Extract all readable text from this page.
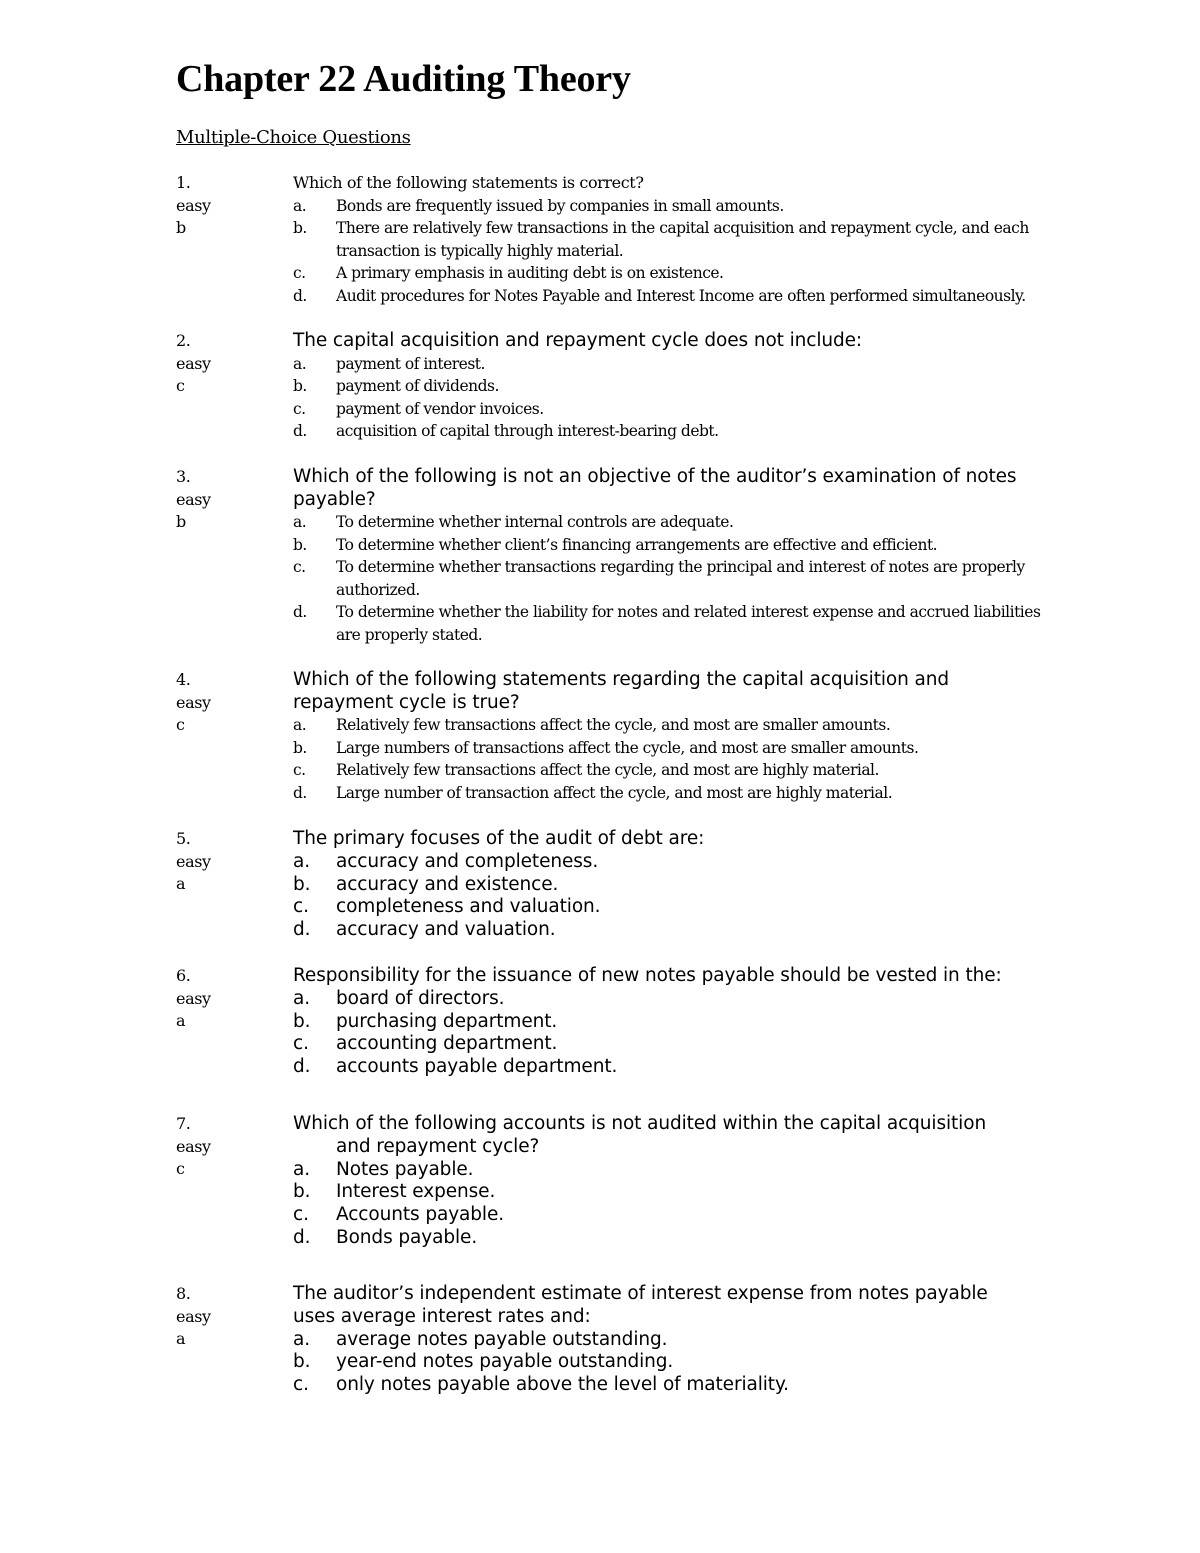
Chapter 22 Auditing Theory
Multiple-Choice Questions
1.
easy
b
Which of the following statements is correct?
a. Bonds are frequently issued by companies in small amounts.
b. There are relatively few transactions in the capital acquisition and repayment cycle, and each
transaction is typically highly material.
c. A primary emphasis in auditing debt is on existence.
d. Audit procedures for Notes Payable and Interest Income are often performed simultaneously.
2.
easy
c
The capital acquisition and repayment cycle does not include:
a. payment of interest.
b. payment of dividends.
c. payment of vendor invoices.
d. acquisition of capital through interest-bearing debt.
3.
easy
b
Which of the following is not an objective of the auditor’s examination of notes
payable?
a. To determine whether internal controls are adequate.
b. To determine whether client’s financing arrangements are effective and efficient.
c. To determine whether transactions regarding the principal and interest of notes are properly
authorized.
d. To determine whether the liability for notes and related interest expense and accrued liabilities
are properly stated.
4.
easy
c
Which of the following statements regarding the capital acquisition and
repayment cycle is true?
a. Relatively few transactions affect the cycle, and most are smaller amounts.
b. Large numbers of transactions affect the cycle, and most are smaller amounts.
c. Relatively few transactions affect the cycle, and most are highly material.
d. Large number of transaction affect the cycle, and most are highly material.
5.
easy
a
The primary focuses of the audit of debt are:
a. accuracy and completeness.
b. accuracy and existence.
c. completeness and valuation.
d. accuracy and valuation.
6.
easy
a
Responsibility for the issuance of new notes payable should be vested in the:
a. board of directors.
b. purchasing department.
c. accounting department.
d. accounts payable department.
7.
easy
c
Which of the following accounts is not audited within the capital acquisition
and repayment cycle?
a. Notes payable.
b. Interest expense.
c. Accounts payable.
d. Bonds payable.
8.
easy
a
The auditor’s independent estimate of interest expense from notes payable
uses average interest rates and:
a. average notes payable outstanding.
b. year-end notes payable outstanding.
c. only notes payable above the level of materiality.
